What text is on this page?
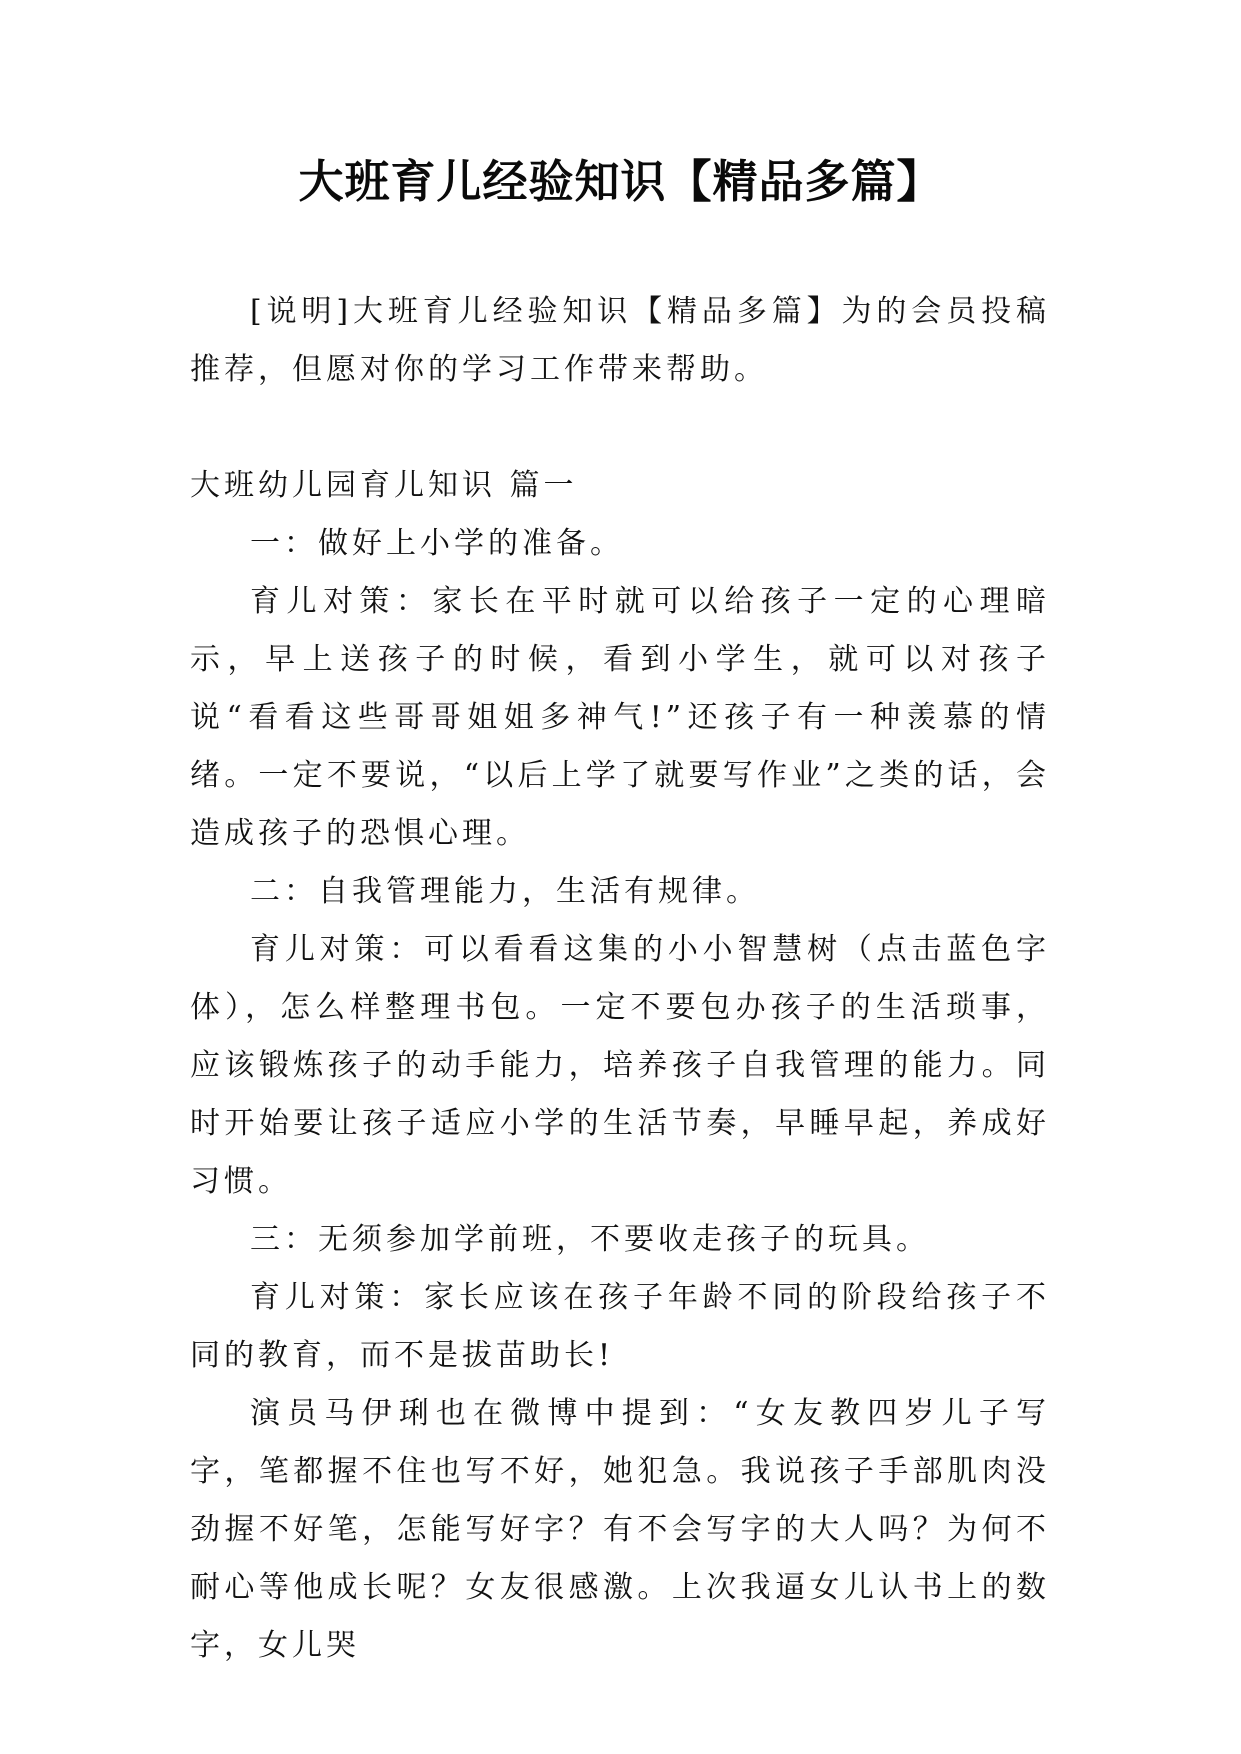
大班育儿经验知识【精品多篇】

[说明]大班育儿经验知识【精品多篇】为的会员投稿推荐，但愿对你的学习工作带来帮助。

大班幼儿园育儿知识 篇一

一：做好上小学的准备。

育儿对策：家长在平时就可以给孩子一定的心理暗示，早上送孩子的时候，看到小学生，就可以对孩子说“看看这些哥哥姐姐多神气!”还孩子有一种羡慕的情绪。一定不要说，“以后上学了就要写作业”之类的话，会造成孩子的恐惧心理。

二：自我管理能力，生活有规律。

育儿对策：可以看看这集的小小智慧树（点击蓝色字体），怎么样整理书包。一定不要包办孩子的生活琐事，应该锻炼孩子的动手能力，培养孩子自我管理的能力。同时开始要让孩子适应小学的生活节奏，早睡早起，养成好习惯。

三：无须参加学前班，不要收走孩子的玩具。

育儿对策：家长应该在孩子年龄不同的阶段给孩子不同的教育，而不是拔苗助长!

演员马伊琍也在微博中提到：“女友教四岁儿子写字，笔都握不住也写不好，她犯急。我说孩子手部肌肉没劲握不好笔，怎能写好字？有不会写字的大人吗？为何不耐心等他成长呢？女友很感激。上次我逼女儿认书上的数字，女儿哭
